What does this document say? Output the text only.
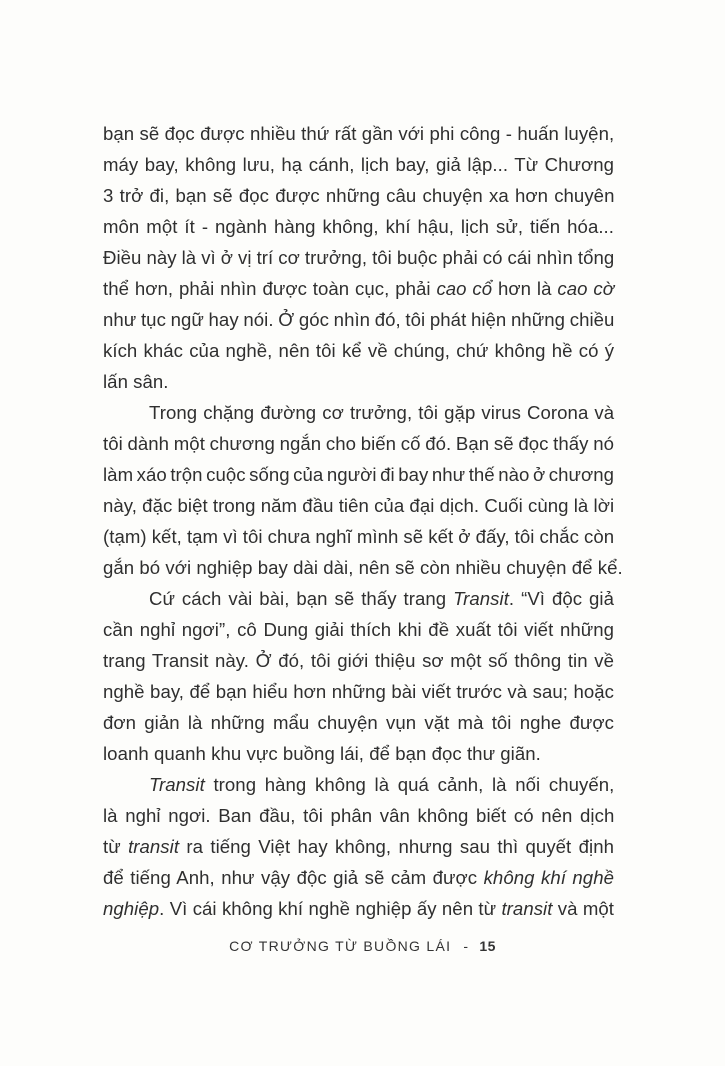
bạn sẽ đọc được nhiều thứ rất gần với phi công - huấn luyện,
máy bay, không lưu, hạ cánh, lịch bay, giả lập... Từ Chương
3 trở đi, bạn sẽ đọc được những câu chuyện xa hơn chuyên
môn một ít - ngành hàng không, khí hậu, lịch sử, tiến hóa...
Điều này là vì ở vị trí cơ trưởng, tôi buộc phải có cái nhìn tổng
thể hơn, phải nhìn được toàn cục, phải cao cổ hơn là cao cờ
như tục ngữ hay nói. Ở góc nhìn đó, tôi phát hiện những chiều
kích khác của nghề, nên tôi kể về chúng, chứ không hề có ý
lấn sân.
Trong chặng đường cơ trưởng, tôi gặp virus Corona và
tôi dành một chương ngắn cho biến cố đó. Bạn sẽ đọc thấy nó
làm xáo trộn cuộc sống của người đi bay như thế nào ở chương
này, đặc biệt trong năm đầu tiên của đại dịch. Cuối cùng là lời
(tạm) kết, tạm vì tôi chưa nghĩ mình sẽ kết ở đấy, tôi chắc còn
gắn bó với nghiệp bay dài dài, nên sẽ còn nhiều chuyện để kể.
Cứ cách vài bài, bạn sẽ thấy trang Transit. “Vì độc giả
cần nghỉ ngơi”, cô Dung giải thích khi đề xuất tôi viết những
trang Transit này. Ở đó, tôi giới thiệu sơ một số thông tin về
nghề bay, để bạn hiểu hơn những bài viết trước và sau; hoặc
đơn giản là những mẩu chuyện vụn vặt mà tôi nghe được
loanh quanh khu vực buồng lái, để bạn đọc thư giãn.
Transit trong hàng không là quá cảnh, là nối chuyến,
là nghỉ ngơi. Ban đầu, tôi phân vân không biết có nên dịch
từ transit ra tiếng Việt hay không, nhưng sau thì quyết định
để tiếng Anh, như vậy độc giả sẽ cảm được không khí nghề
nghiệp. Vì cái không khí nghề nghiệp ấy nên từ transit và một
CƠ TRƯỞNG TỪ BUỒNG LÁI - 15
